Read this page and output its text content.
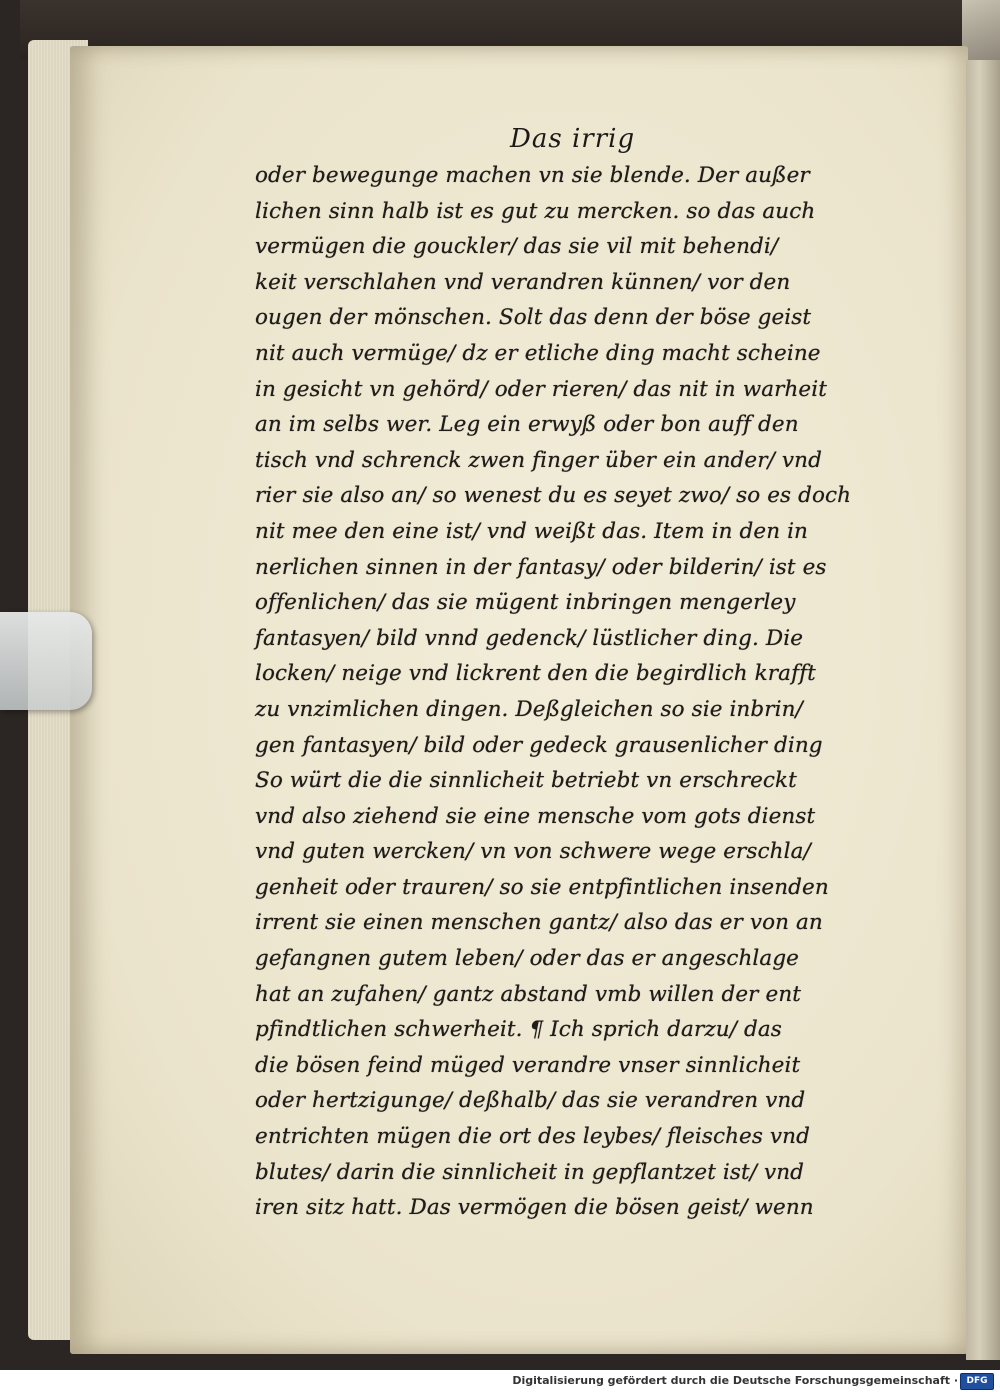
Das irrig
oder bewegunge machen vn sie blende. Der außer
lichen sinn halb ist es gut zu mercken. so das auch
vermügen die gouckler/ das sie vil mit behendi/
keit verschlahen vnd verandren künnen/ vor den
ougen der mönschen. Solt das denn der böse geist
nit auch vermüge/ dz er etliche ding macht scheine
in gesicht vn gehörd/ oder rieren/ das nit in warheit
an im selbs wer. Leg ein erwyß oder bon auff den
tisch vnd schrenck zwen finger über ein ander/ vnd
rier sie also an/ so wenest du es seyet zwo/ so es doch
nit mee den eine ist/ vnd weißt das. Item in den in
nerlichen sinnen in der fantasy/ oder bilderin/ ist es
offenlichen/ das sie mügent inbringen mengerley
fantasyen/ bild vnnd gedenck/ lüstlicher ding. Die
locken/ neige vnd lickrent den die begirdlich krafft
zu vnzimlichen dingen. Deßgleichen so sie inbrin/
gen fantasyen/ bild oder gedeck grausenlicher ding
So würt die die sinnlicheit betriebt vn erschreckt
vnd also ziehend sie eine mensche vom gots dienst
vnd guten wercken/ vn von schwere wege erschla/
genheit oder trauren/ so sie entpfintlichen insenden
irrent sie einen menschen gantz/ also das er von an
gefangnen gutem leben/ oder das er angeschlage
hat an zufahen/ gantz abstand vmb willen der ent
pfindtlichen schwerheit. ¶ Ich sprich darzu/ das
die bösen feind müged verandre vnser sinnlicheit
oder hertzigunge/ deßhalb/ das sie verandren vnd
entrichten mügen die ort des leybes/ fleisches vnd
blutes/ darin die sinnlicheit in gepflantzet ist/ vnd
iren sitz hatt. Das vermögen die bösen geist/ wenn
Digitalisierung gefördert durch die Deutsche Forschungsgemeinschaft · DFG
